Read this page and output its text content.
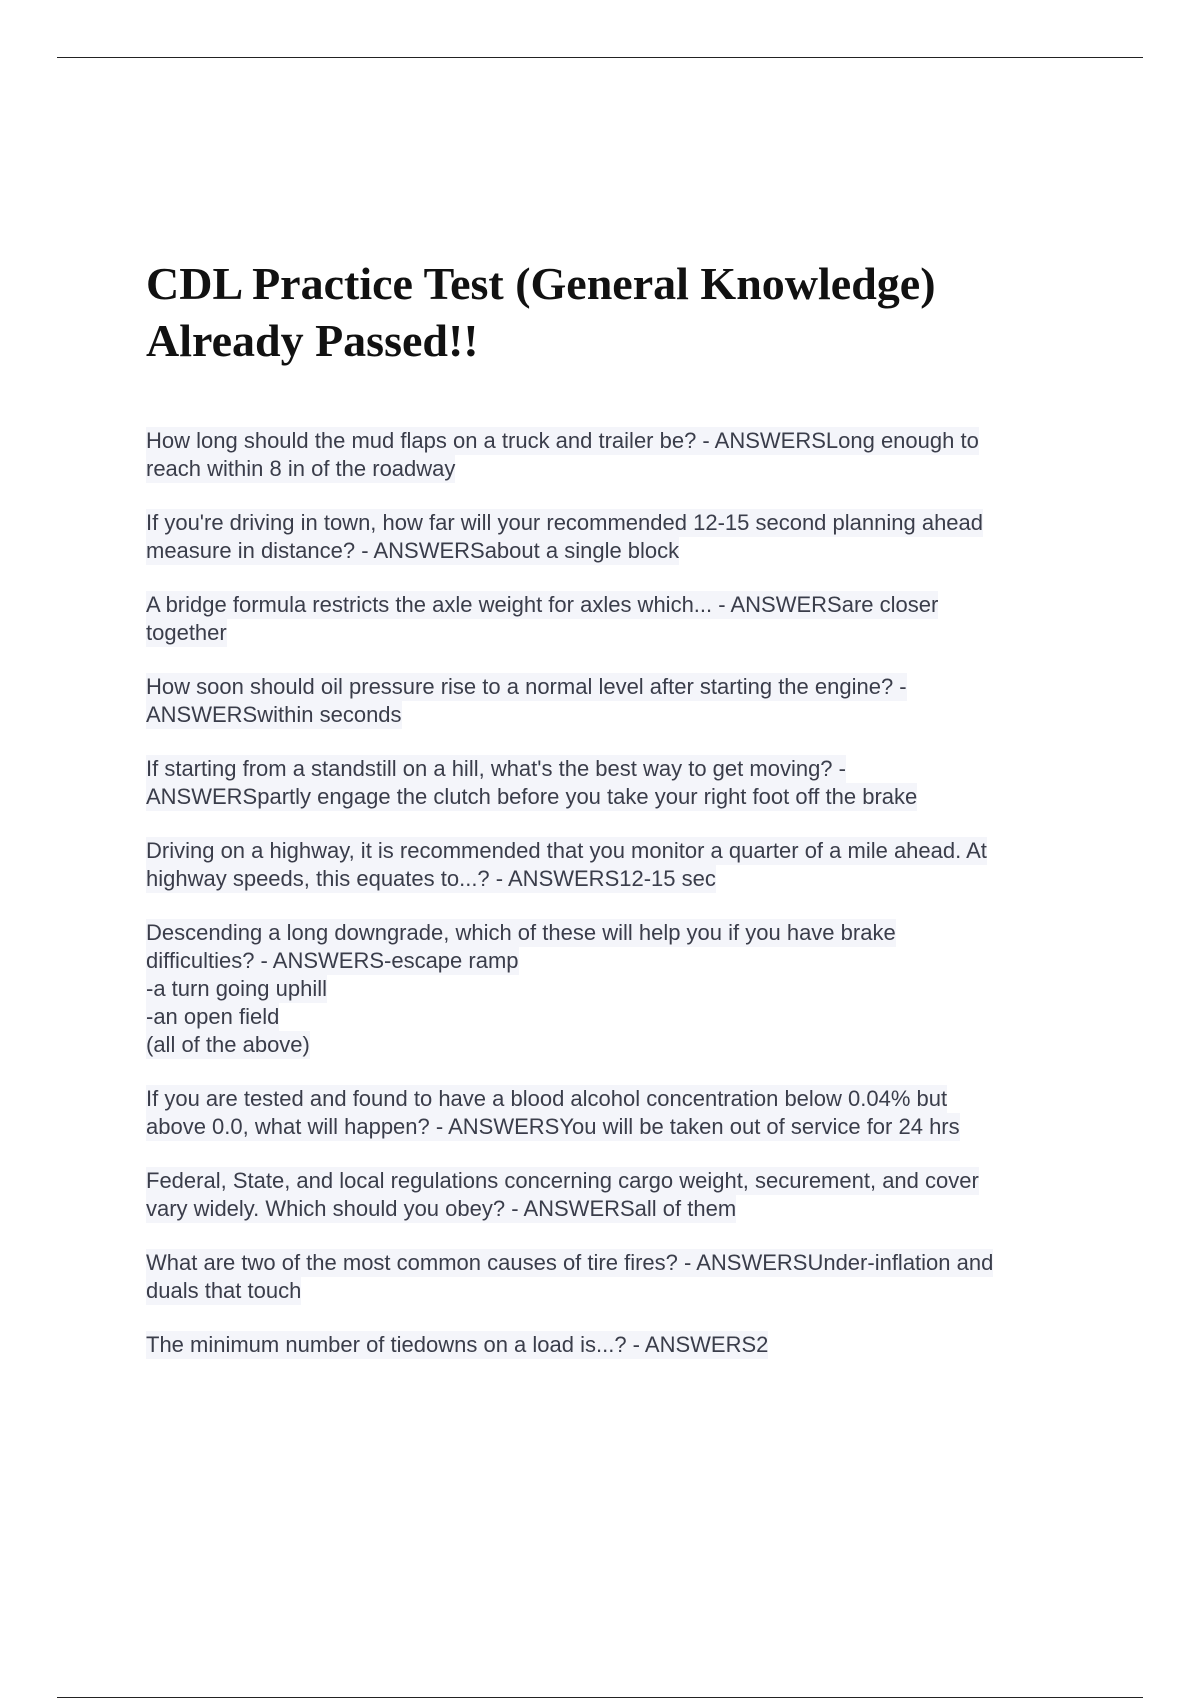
CDL Practice Test (General Knowledge)
Already Passed!!
How long should the mud flaps on a truck and trailer be? - ANSWERSLong enough to
reach within 8 in of the roadway
If you're driving in town, how far will your recommended 12-15 second planning ahead
measure in distance? - ANSWERSabout a single block
A bridge formula restricts the axle weight for axles which... - ANSWERSare closer
together
How soon should oil pressure rise to a normal level after starting the engine? -
ANSWERSwithin seconds
If starting from a standstill on a hill, what's the best way to get moving? -
ANSWERSpartly engage the clutch before you take your right foot off the brake
Driving on a highway, it is recommended that you monitor a quarter of a mile ahead. At
highway speeds, this equates to...? - ANSWERS12-15 sec
Descending a long downgrade, which of these will help you if you have brake
difficulties? - ANSWERS-escape ramp
-a turn going uphill
-an open field
(all of the above)
If you are tested and found to have a blood alcohol concentration below 0.04% but
above 0.0, what will happen? - ANSWERSYou will be taken out of service for 24 hrs
Federal, State, and local regulations concerning cargo weight, securement, and cover
vary widely. Which should you obey? - ANSWERSall of them
What are two of the most common causes of tire fires? - ANSWERSUnder-inflation and
duals that touch
The minimum number of tiedowns on a load is...? - ANSWERS2
